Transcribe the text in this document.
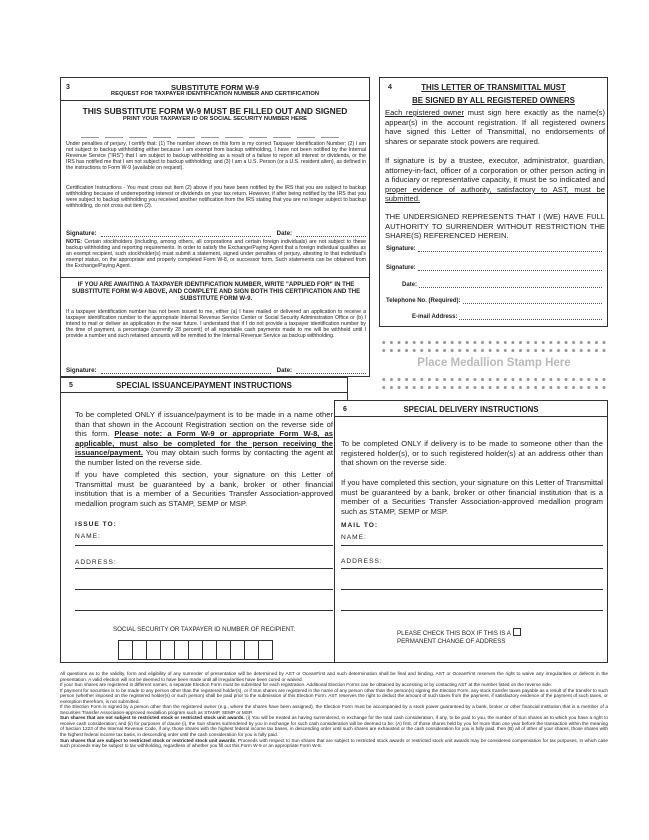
3	SUBSTITUTE FORM W-9
REQUEST FOR TAXPAYER IDENTIFICATION NUMBER AND CERTIFICATION
THIS SUBSTITUTE FORM W-9 MUST BE FILLED OUT AND SIGNED
PRINT YOUR TAXPAYER ID OR SOCIAL SECURITY NUMBER HERE
Under penalties of perjury, I certify that: (1) The number shown on this form is my correct Taxpayer Identification Number; (2) I am not subject to backup withholding either because I am exempt from backup withholding, I have not been notified by the Internal Revenue Service ("IRS") that I am subject to backup withholding as a result of a failure to report all interest or dividends, or the IRS has notified me that I am not subject to backup withholding; and (3) I am a U.S. Person (or a U.S. resident alien), as defined in the instructions to Form W-9 (available on request).
Certification Instructions - You must cross out Item (2) above if you have been notified by the IRS that you are subject to backup withholding because of underreporting interest or dividends on your tax return. However, if after being notified by the IRS that you were subject to backup withholding you received another notification from the IRS stating that you are no longer subject to backup withholding, do not cross out item (2).
Signature:	Date:
NOTE: Certain stockholders (including, among others, all corporations and certain foreign individuals) are not subject to these backup withholding and reporting requirements. In order to satisfy the Exchange/Paying Agent that a foreign individual qualifies as an exempt recipient, such stockholder(s) must submit a statement, signed under penalties of perjury, attesting to that individual's exempt status, on the appropriate and properly completed Form W-8, or successor form. Such statements can be obtained from the Exchange/Paying Agent.
IF YOU ARE AWAITING A TAXPAYER IDENTIFICATION NUMBER, WRITE "APPLIED FOR" IN THE SUBSTITUTE FORM W-9 ABOVE, AND COMPLETE AND SIGN BOTH THIS CERTIFICATION AND THE SUBSTITUTE FORM W-9.
If a taxpayer identification number has not been issued to me, either (a) I have mailed or delivered an application to receive a taxpayer identification number to the appropriate Internal Revenue Service Center or Social Security Administration Office or (b) I intend to mail or deliver an application in the near future. I understand that if I do not provide a taxpayer identification number by the time of payment, a percentage (currently 28 percent) of all reportable cash payments made to me will be withheld until I provide a number and such retained amounts will be remitted to the Internal Revenue Service as backup withholding.
Signature:	Date:
4	THIS LETTER OF TRANSMITTAL MUST
BE SIGNED BY ALL REGISTERED OWNERS
Each registered owner must sign here exactly as the name(s) appear(s) in the account registration. If all registered owners have signed this Letter of Transmittal, no endorsements of shares or separate stock powers are required.
If signature is by a trustee, executor, administrator, guardian, attorney-in-fact, officer of a corporation or other person acting in a fiduciary or representative capacity, it must be so indicated and proper evidence of authority, satisfactory to AST, must be submitted.
THE UNDERSIGNED REPRESENTS THAT I (WE) HAVE FULL AUTHORITY TO SURRENDER WITHOUT RESTRICTION THE SHARE(S) REFERENCED HEREIN.
Signature:
Signature:
Date:
Telephone No. (Required):
E-mail Address:
Place Medallion Stamp Here
5	SPECIAL ISSUANCE/PAYMENT INSTRUCTIONS
To be completed ONLY if issuance/payment is to be made in a name other than that shown in the Account Registration section on the reverse side of this form. Please note: a Form W-9 or appropriate Form W-8, as applicable, must also be completed for the person receiving the issuance/payment. You may obtain such forms by contacting the agent at the number listed on the reverse side.
If you have completed this section, your signature on this Letter of Transmittal must be guaranteed by a bank, broker or other financial institution that is a member of a Securities Transfer Association-approved medallion program such as STAMP, SEMP or MSP.
ISSUE TO:
NAME:
ADDRESS:
SOCIAL SECURITY OR TAXPAYER ID NUMBER OF RECIPIENT:
6	SPECIAL DELIVERY INSTRUCTIONS
To be completed ONLY if delivery is to be made to someone other than the registered holder(s), or to such registered holder(s) at an address other than that shown on the reverse side.
If you have completed this section, your signature on this Letter of Transmittal must be guaranteed by a bank, broker or other financial institution that is a member of a Securities Transfer Association-approved medallion program such as STAMP, SEMP or MSP.
MAIL TO:
NAME:
ADDRESS:
PLEASE CHECK THIS BOX IF THIS IS A
PERMANENT CHANGE OF ADDRESS

All questions as to the validity, form and eligibility of any surrender of presentation will be determined by AST or OceanFirst and such determination shall be final and binding. AST or OceanFirst reserves the right to waive any irregularities or defects in the presentation. A valid election will not be deemed to have been made until all irregularities have been cured or waived.

If your Sun shares are registered in different names, a separate Election Form must be submitted for each registration. Additional Election Forms can be obtained by accessing or by contacting AST at the number listed on the reverse side.

If payment for securities is to be made to any person other than the registered holder(s), or if Sun shares are registered in the name of any person other than the person(s) signing the Election Form, any stock transfer taxes payable as a result of the transfer to such person (whether imposed on the registered holder(s) or such person) shall be paid prior to the submission of this Election Form. AST reserves the right to deduct the amount of such taxes from the payment, if satisfactory evidence of the payment of such taxes, or exemption therefrom, is not submitted.

If the Election Form is signed by a person other than the registered owner (e.g., where the shares have been assigned), the Election Form must be accompanied by a stock power guaranteed by a bank, broker or other financial institution that is a member of a Securities Transfer Association-approved medallion program such as STAMP, SEMP or MSP.

Sun shares that are not subject to restricted stock or restricted stock unit awards. (i) You will be treated as having surrendered, in exchange for the total cash consideration, if any, to be paid to you, the number of Sun shares as to which you have a right to receive cash consideration; and (ii) for purposes of clause (i), the Sun shares surrendered by you in exchange for such cash consideration will be deemed to be: (A) first, of those shares held by you for more than one year before the transaction within the meaning of Section 1223 of the Internal Revenue Code, if any, those shares with the highest federal income tax bases, in descending order until such shares are exhausted or the cash consideration for you is fully paid, then (B) all of other of your shares, those shares with the highest federal income tax basis, in descending order until the cash consideration for you is fully paid.

Sun shares that are subject to restricted stock or restricted stock unit awards. Proceeds with respect to Sun shares that are subject to restricted stock awards or restricted stock unit awards may be considered compensation for tax purposes, in which case such proceeds may be subject to tax withholding, regardless of whether you fill out this Form W-9 or an appropriate Form W-8.
